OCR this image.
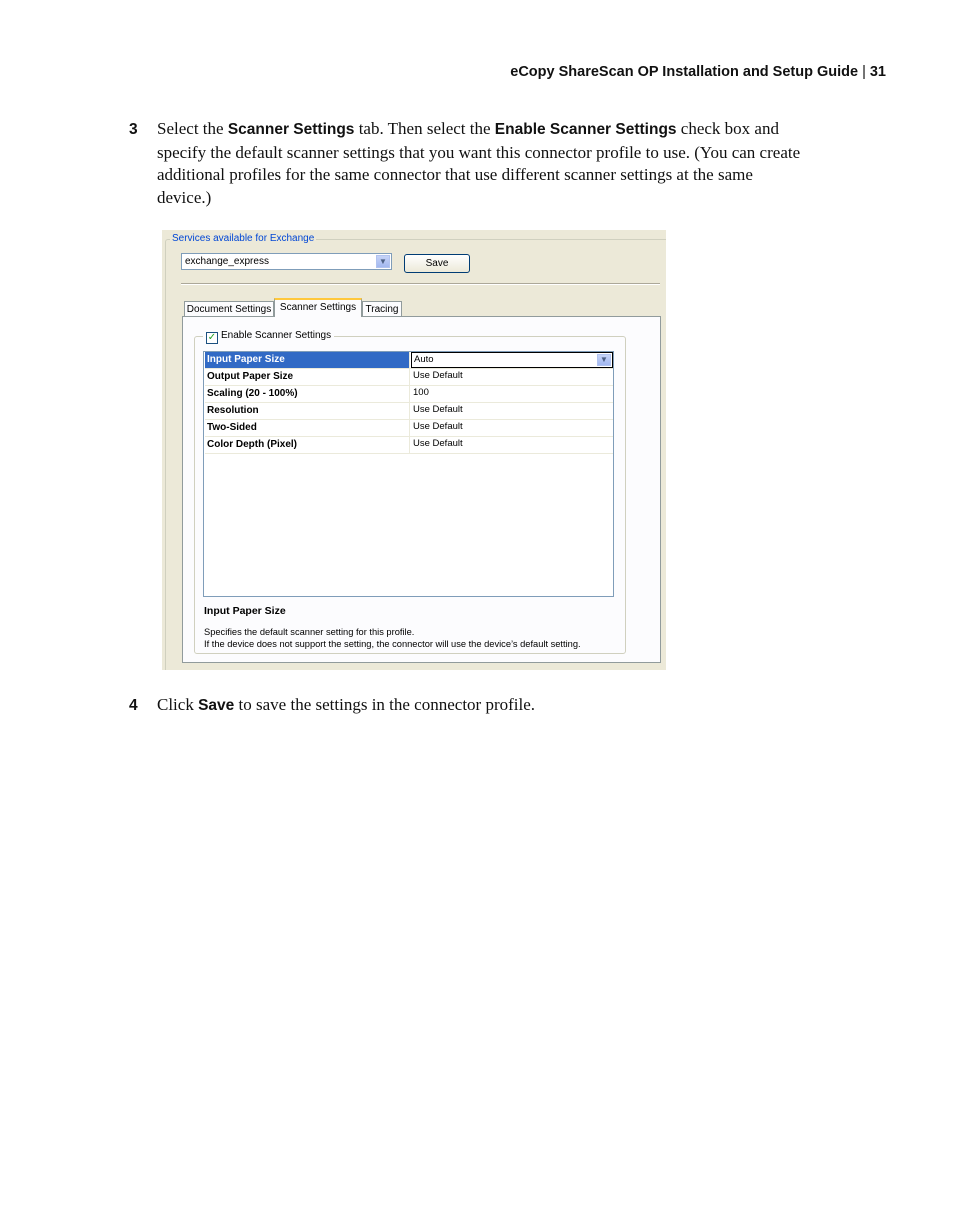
eCopy ShareScan OP Installation and Setup Guide | 31
3 Select the Scanner Settings tab. Then select the Enable Scanner Settings check box and
specify the default scanner settings that you want this connector profile to use. (You can create
additional profiles for the same connector that use different scanner settings at the same
device.)
Services available for Exchange
exchange_express	▼	Save
Document Settings Scanner Settings Tracing
✓ Enable Scanner Settings
Input Paper Size	Auto	▼
Output Paper Size	Use Default
Scaling (20 - 100%)	100
Resolution	Use Default
Two-Sided	Use Default
Color Depth (Pixel)	Use Default
Input Paper Size
Specifies the default scanner setting for this profile.
If the device does not support the setting, the connector will use the device’s default setting.
4 Click Save to save the settings in the connector profile.
